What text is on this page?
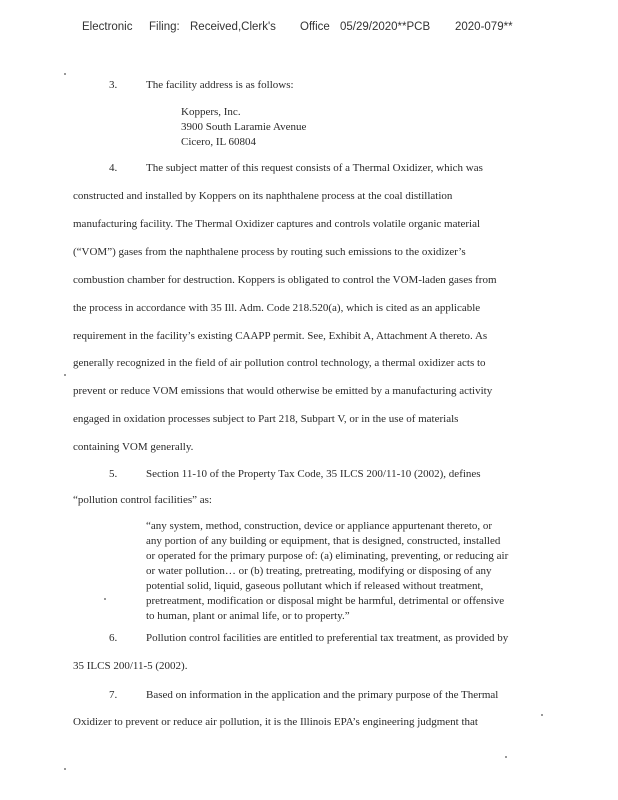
Electronic Filing: Received,Clerk's Office 05/29/2020**PCB 2020-079**
3.	The facility address is as follows:
Koppers, Inc.
3900 South Laramie Avenue
Cicero, IL 60804
4.	The subject matter of this request consists of a Thermal Oxidizer, which was
constructed and installed by Koppers on its naphthalene process at the coal distillation
manufacturing facility. The Thermal Oxidizer captures and controls volatile organic material
(“VOM”) gases from the naphthalene process by routing such emissions to the oxidizer’s
combustion chamber for destruction. Koppers is obligated to control the VOM-laden gases from
the process in accordance with 35 Ill. Adm. Code 218.520(a), which is cited as an applicable
requirement in the facility’s existing CAAPP permit. See, Exhibit A, Attachment A thereto. As
generally recognized in the field of air pollution control technology, a thermal oxidizer acts to
prevent or reduce VOM emissions that would otherwise be emitted by a manufacturing activity
engaged in oxidation processes subject to Part 218, Subpart V, or in the use of materials
containing VOM generally.
5.	Section 11-10 of the Property Tax Code, 35 ILCS 200/11-10 (2002), defines
“pollution control facilities” as:
“any system, method, construction, device or appliance appurtenant thereto, or
any portion of any building or equipment, that is designed, constructed, installed
or operated for the primary purpose of: (a) eliminating, preventing, or reducing air
or water pollution… or (b) treating, pretreating, modifying or disposing of any
potential solid, liquid, gaseous pollutant which if released without treatment,
pretreatment, modification or disposal might be harmful, detrimental or offensive
to human, plant or animal life, or to property.”
6.	Pollution control facilities are entitled to preferential tax treatment, as provided by
35 ILCS 200/11-5 (2002).
7.	Based on information in the application and the primary purpose of the Thermal
Oxidizer to prevent or reduce air pollution, it is the Illinois EPA’s engineering judgment that
